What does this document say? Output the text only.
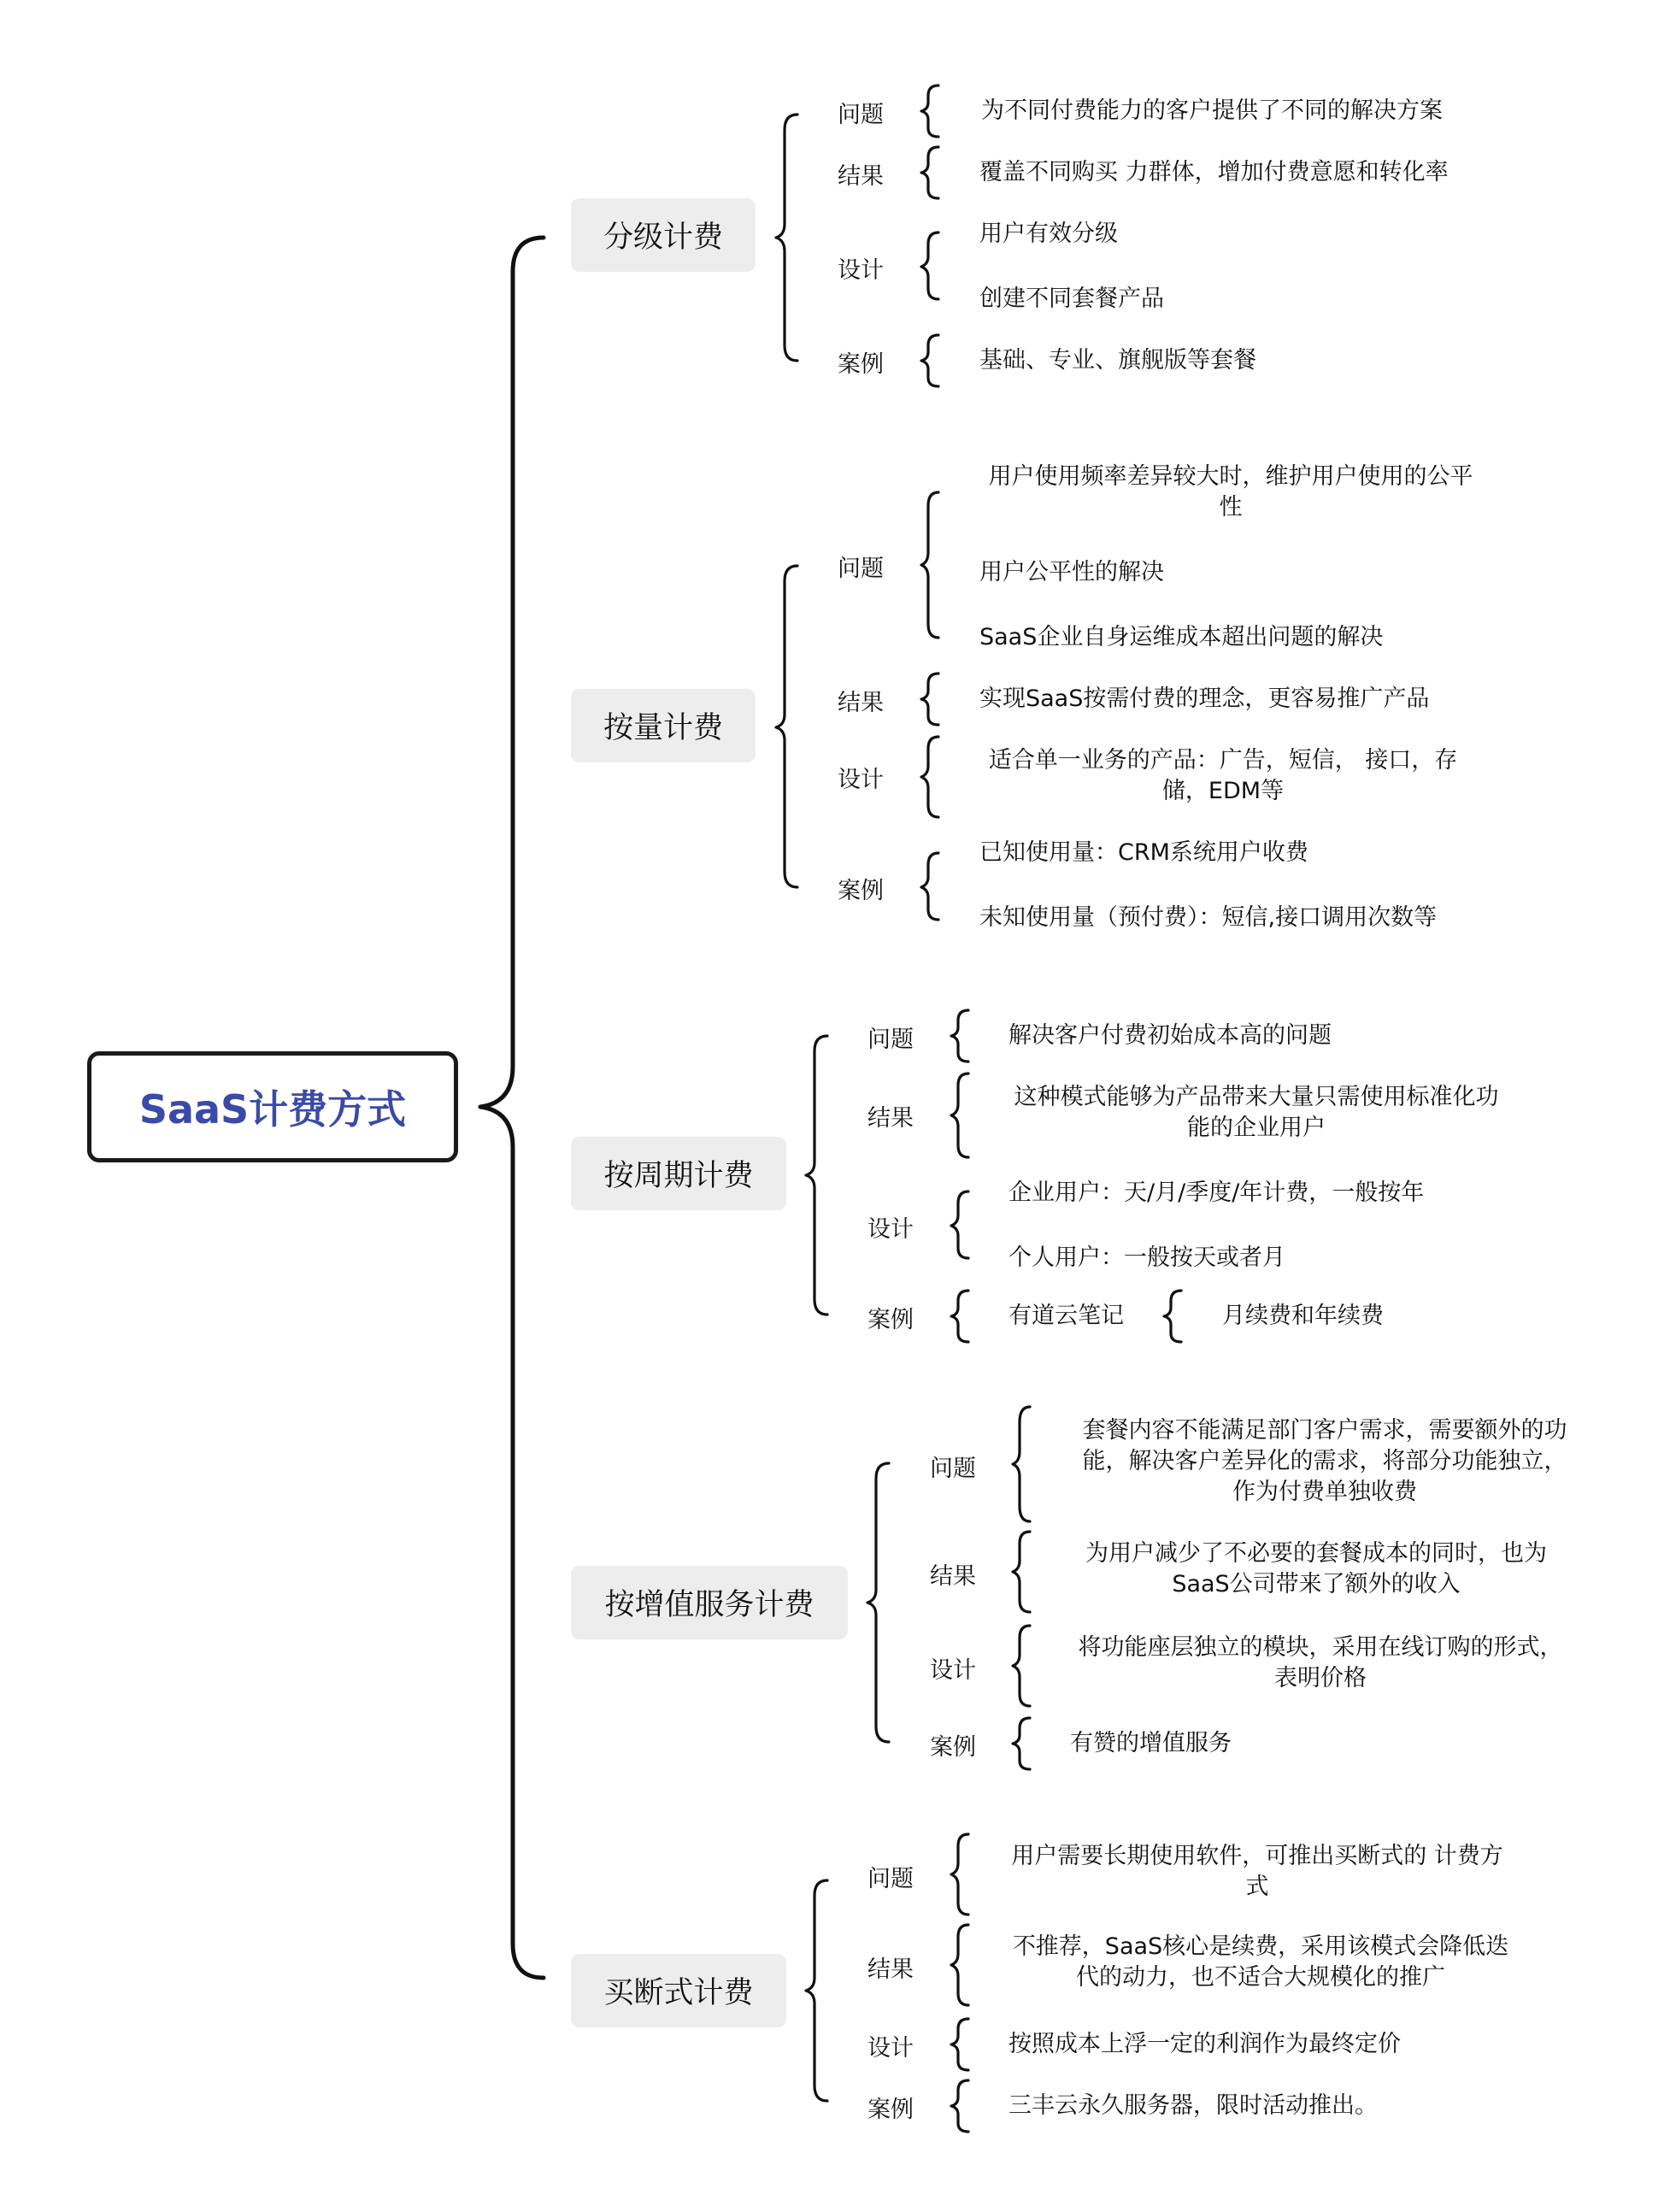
SaaS计费方式
分级计费
问题	为不同付费能力的客户提供了不同的解决方案
结果	覆盖不同购买 力群体，增加付费意愿和转化率
设计
用户有效分级
创建不同套餐产品
案例	基础、专业、旗舰版等套餐
按量计费
问题
用户使用频率差异较大时，维护用户使用的公平
性
用户公平性的解决
SaaS企业自身运维成本超出问题的解决
结果	实现SaaS按需付费的理念，更容易推广产品
设计
适合单一业务的产品：广告，短信， 接口，存
储，EDM等
案例
已知使用量：CRM系统用户收费
未知使用量（预付费）：短信,接口调用次数等
按周期计费
问题	解决客户付费初始成本高的问题
结果
这种模式能够为产品带来大量只需使用标准化功
能的企业用户
设计
企业用户：天/月/季度/年计费，一般按年
个人用户：一般按天或者月
案例	有道云笔记	月续费和年续费
按增值服务计费
问题
套餐内容不能满足部门客户需求，需要额外的功
能，解决客户差异化的需求，将部分功能独立，
作为付费单独收费
结果
为用户减少了不必要的套餐成本的同时，也为
SaaS公司带来了额外的收入
设计
将功能座层独立的模块，采用在线订购的形式，
表明价格
案例	有赞的增值服务
买断式计费
问题
用户需要长期使用软件，可推出买断式的 计费方
式
结果
不推荐，SaaS核心是续费，采用该模式会降低迭
代的动力，也不适合大规模化的推广
设计	按照成本上浮一定的利润作为最终定价
案例	三丰云永久服务器，限时活动推出。
